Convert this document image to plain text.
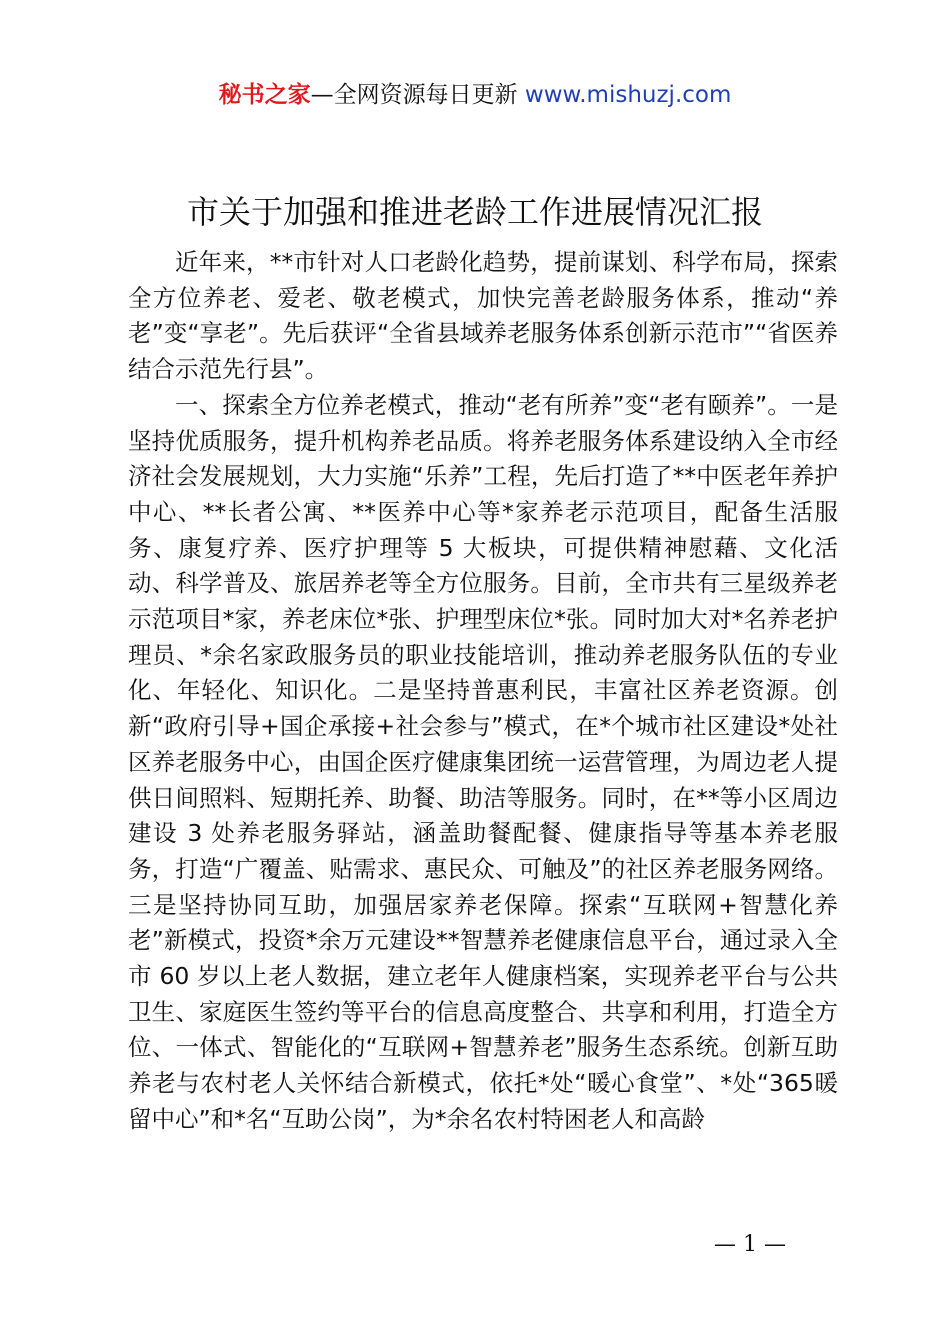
秘书之家—全网资源每日更新 www.mishuzj.com
市关于加强和推进老龄工作进展情况汇报

近年来，**市针对人口老龄化趋势，提前谋划、科学布局，探索全方位养老、爱老、敬老模式，加快完善老龄服务体系，推动“养老”变“享老”。先后获评“全省县域养老服务体系创新示范市”“省医养结合示范先行县”。

一、探索全方位养老模式，推动“老有所养”变“老有颐养”。一是坚持优质服务，提升机构养老品质。将养老服务体系建设纳入全市经济社会发展规划，大力实施“乐养”工程，先后打造了**中医老年养护中心、**长者公寓、**医养中心等*家养老示范项目，配备生活服务、康复疗养、医疗护理等 5 大板块，可提供精神慰藉、文化活动、科学普及、旅居养老等全方位服务。目前，全市共有三星级养老示范项目*家，养老床位*张、护理型床位*张。同时加大对*名养老护理员、*余名家政服务员的职业技能培训，推动养老服务队伍的专业化、年轻化、知识化。二是坚持普惠利民，丰富社区养老资源。创新“政府引导+国企承接+社会参与”模式，在*个城市社区建设*处社区养老服务中心，由国企医疗健康集团统一运营管理，为周边老人提供日间照料、短期托养、助餐、助洁等服务。同时，在**等小区周边建设 3 处养老服务驿站，涵盖助餐配餐、健康指导等基本养老服务，打造“广覆盖、贴需求、惠民众、可触及”的社区养老服务网络。三是坚持协同互助，加强居家养老保障。探索“互联网+智慧化养老”新模式，投资*余万元建设**智慧养老健康信息平台，通过录入全市 60 岁以上老人数据，建立老年人健康档案，实现养老平台与公共卫生、家庭医生签约等平台的信息高度整合、共享和利用，打造全方位、一体式、智能化的“互联网+智慧养老”服务生态系统。创新互助养老与农村老人关怀结合新模式，依托*处“暖心食堂”、*处“365暖留中心”和*名“互助公岗”，为*余名农村特困老人和高龄

— 1 —
